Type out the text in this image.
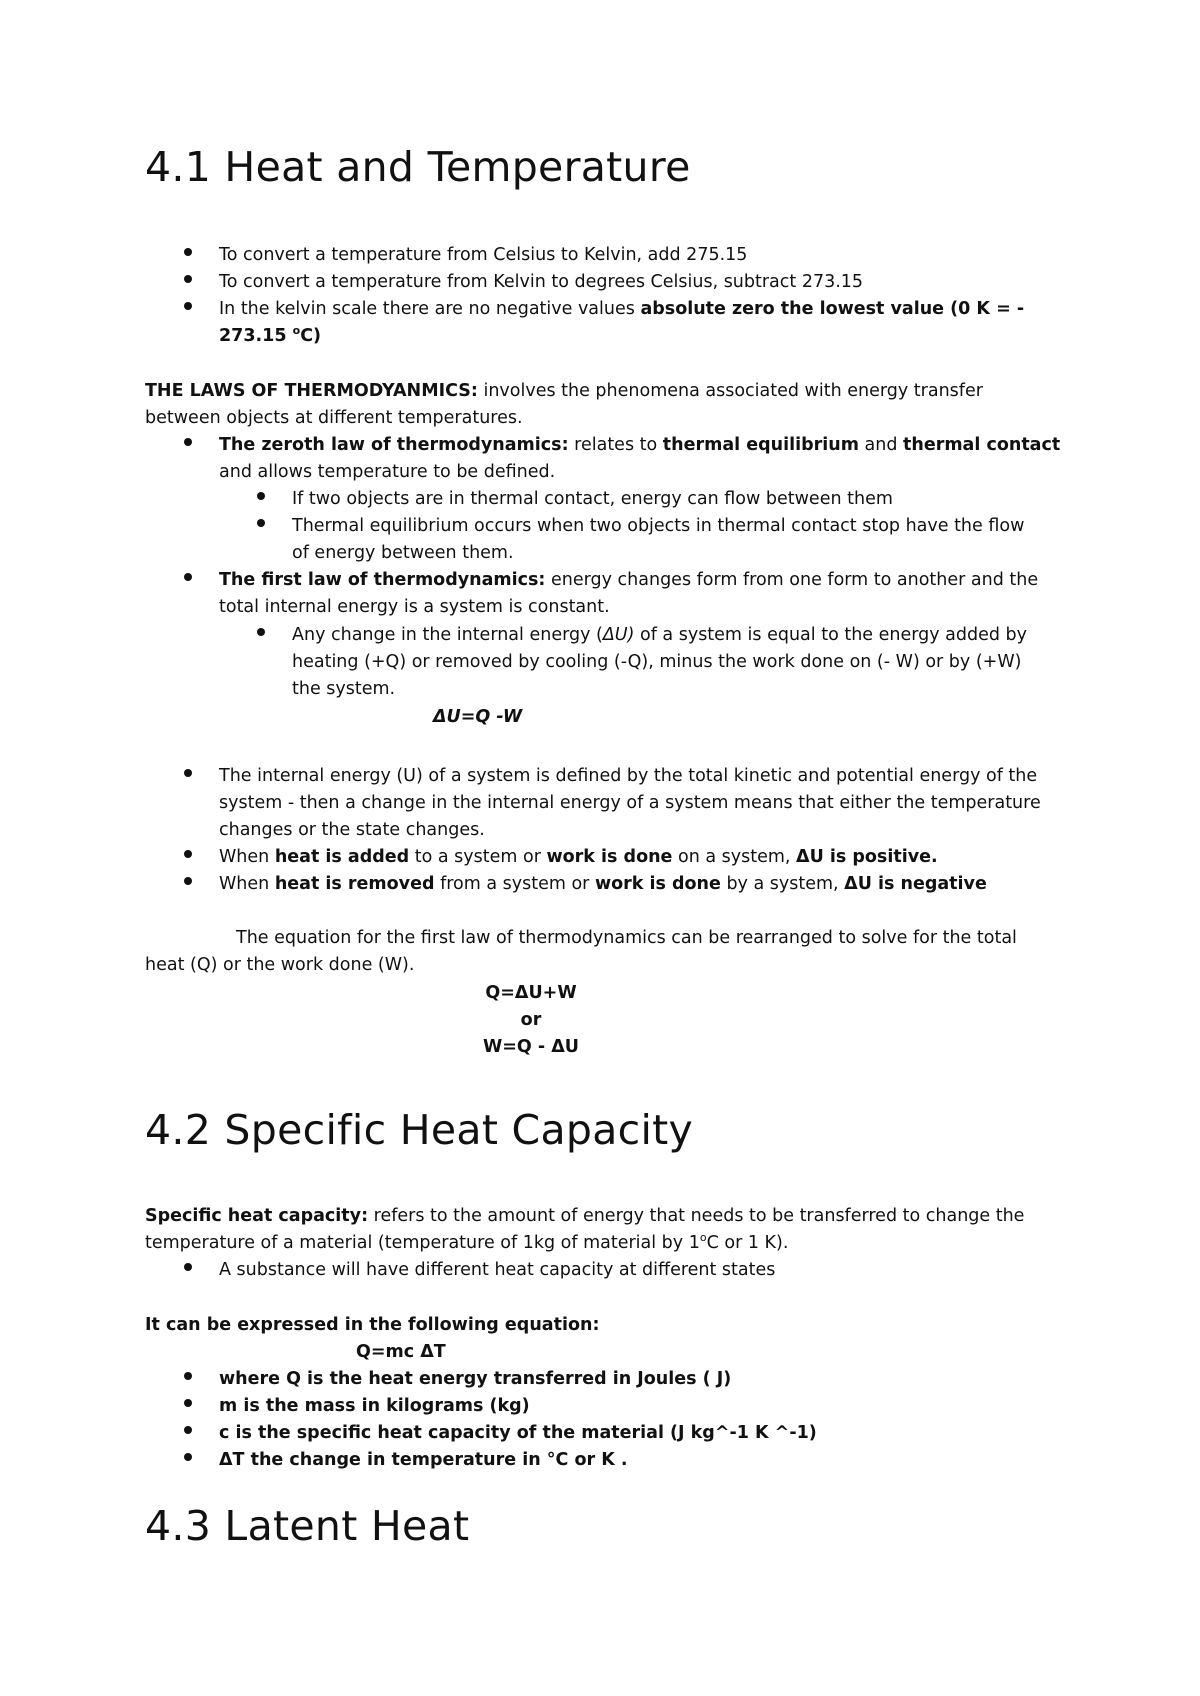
4.1 Heat and Temperature
To convert a temperature from Celsius to Kelvin, add 275.15
To convert a temperature from Kelvin to degrees Celsius, subtract 273.15
In the kelvin scale there are no negative values absolute zero the lowest value (0 K = -
273.15 $^o$C)
THE LAWS OF THERMODYANMICS: involves the phenomena associated with energy transfer
between objects at different temperatures.
The zeroth law of thermodynamics: relates to thermal equilibrium and thermal contact
and allows temperature to be defined.
If two objects are in thermal contact, energy can flow between them
Thermal equilibrium occurs when two objects in thermal contact stop have the flow
of energy between them.
The first law of thermodynamics: energy changes form from one form to another and the
total internal energy is a system is constant.
Any change in the internal energy (ΔU) of a system is equal to the energy added by
heating (+Q) or removed by cooling (-Q), minus the work done on (- W) or by (+W)
the system.
ΔU=Q -W
The internal energy (U) of a system is defined by the total kinetic and potential energy of the
system - then a change in the internal energy of a system means that either the temperature
changes or the state changes.
When heat is added to a system or work is done on a system, ΔU is positive.
When heat is removed from a system or work is done by a system, ΔU is negative
The equation for the first law of thermodynamics can be rearranged to solve for the total
heat (Q) or the work done (W).
Q=ΔU+W
or
W=Q - ΔU
4.2 Specific Heat Capacity
Specific heat capacity: refers to the amount of energy that needs to be transferred to change the
temperature of a material (temperature of 1kg of material by 1$^o$C or 1 K).
A substance will have different heat capacity at different states
It can be expressed in the following equation:
Q=mc ΔT
where Q is the heat energy transferred in Joules ( J)
m is the mass in kilograms (kg)
c is the specific heat capacity of the material (J kg^-1 K ^-1)
ΔT the change in temperature in °C or K .
4.3 Latent Heat
